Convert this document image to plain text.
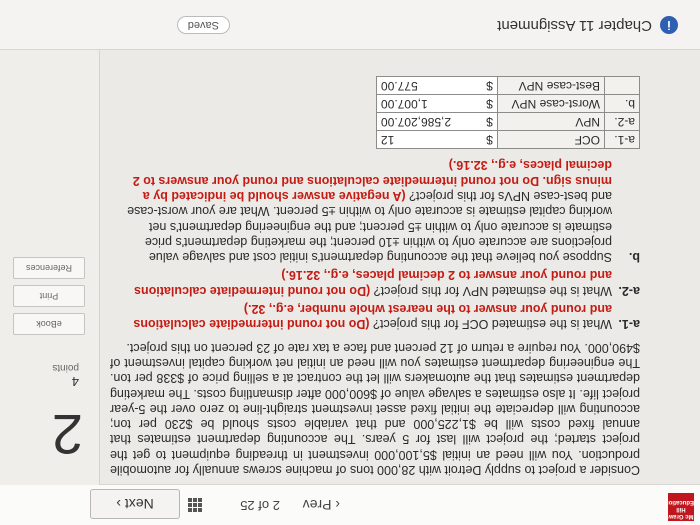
Mc Graw Hill Education
‹ Prev
2 of 25
Next ›

Consider a project to supply Detroit with 28,000 tons of machine screws annually for automobile production. You will need an initial $5,100,000 investment in threading equipment to get the project started; the project will last for 5 years. The accounting department estimates that annual fixed costs will be $1,225,000 and that variable costs should be $230 per ton; accounting will depreciate the initial fixed asset investment straight-line to zero over the 5-year project life. It also estimates a salvage value of $600,000 after dismantling costs. The marketing department estimates that the automakers will let the contract at a selling price of $338 per ton. The engineering department estimates you will need an initial net working capital investment of $490,000. You require a return of 12 percent and face a tax rate of 23 percent on this project.

a-1.
What is the estimated OCF for this project? (Do not round intermediate calculations and round your answer to the nearest whole number, e.g., 32.)
a-2.
What is the estimated NPV for this project? (Do not round intermediate calculations and round your answer to 2 decimal places, e.g., 32.16.)
b.
Suppose you believe that the accounting department's initial cost and salvage value projections are accurate only to within ±10 percent; the marketing department's price estimate is accurate only to within ±5 percent; and the engineering department's net working capital estimate is accurate only to within ±5 percent. What are your worst-case and best-case NPVs for this project? (A negative answer should be indicated by a minus sign. Do not round intermediate calculations and round your answers to 2 decimal places, e.g., 32.16.)
a-1.	OCF	$	12
a-2.	NPV	$	2,586,207.00
b.	Worst-case NPV	$	1,007.00
	Best-case NPV	$	577.00
2
4
points
eBook
Print
References
i
Chapter 11 Assignment
Saved
